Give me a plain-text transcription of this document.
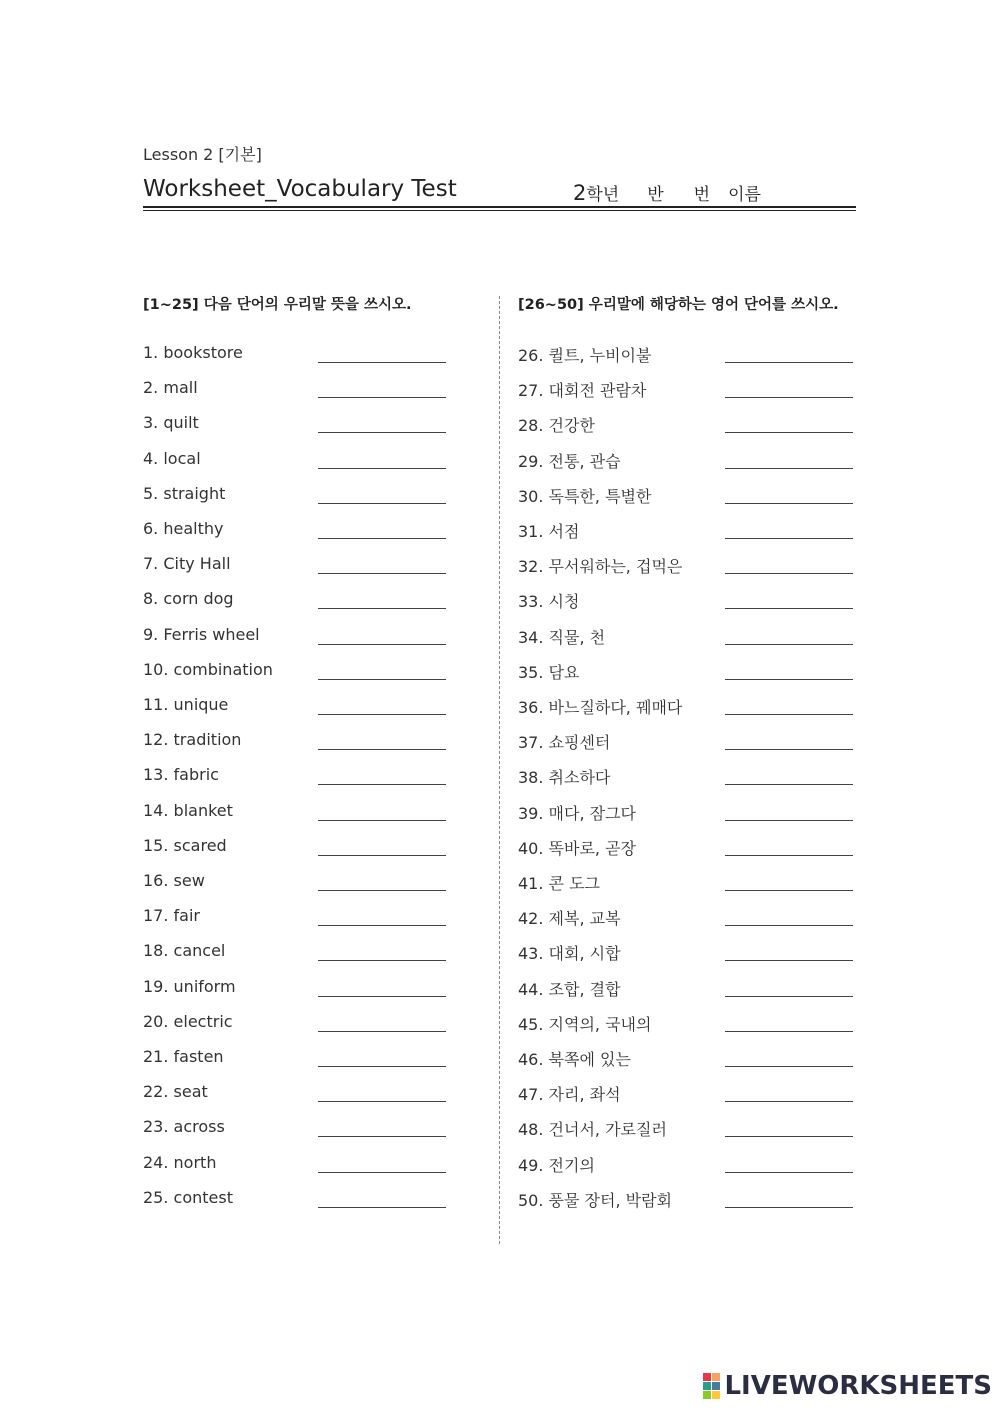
Lesson 2 [기본]
Worksheet_Vocabulary Test	2학년 반 번 이름
[1~25] 다음 단어의 우리말 뜻을 쓰시오.	[26~50] 우리말에 해당하는 영어 단어를 쓰시오.
1. bookstore
2. mall
3. quilt
4. local
5. straight
6. healthy
7. City Hall
8. corn dog
9. Ferris wheel
10. combination
11. unique
12. tradition
13. fabric
14. blanket
15. scared
16. sew
17. fair
18. cancel
19. uniform
20. electric
21. fasten
22. seat
23. across
24. north
25. contest
26. 퀼트, 누비이불
27. 대회전 관람차
28. 건강한
29. 전통, 관습
30. 독특한, 특별한
31. 서점
32. 무서워하는, 겁먹은
33. 시청
34. 직물, 천
35. 담요
36. 바느질하다, 꿰매다
37. 쇼핑센터
38. 취소하다
39. 매다, 잠그다
40. 똑바로, 곧장
41. 콘 도그
42. 제복, 교복
43. 대회, 시합
44. 조합, 결합
45. 지역의, 국내의
46. 북쪽에 있는
47. 자리, 좌석
48. 건너서, 가로질러
49. 전기의
50. 풍물 장터, 박람회
LIVEWORKSHEETS
